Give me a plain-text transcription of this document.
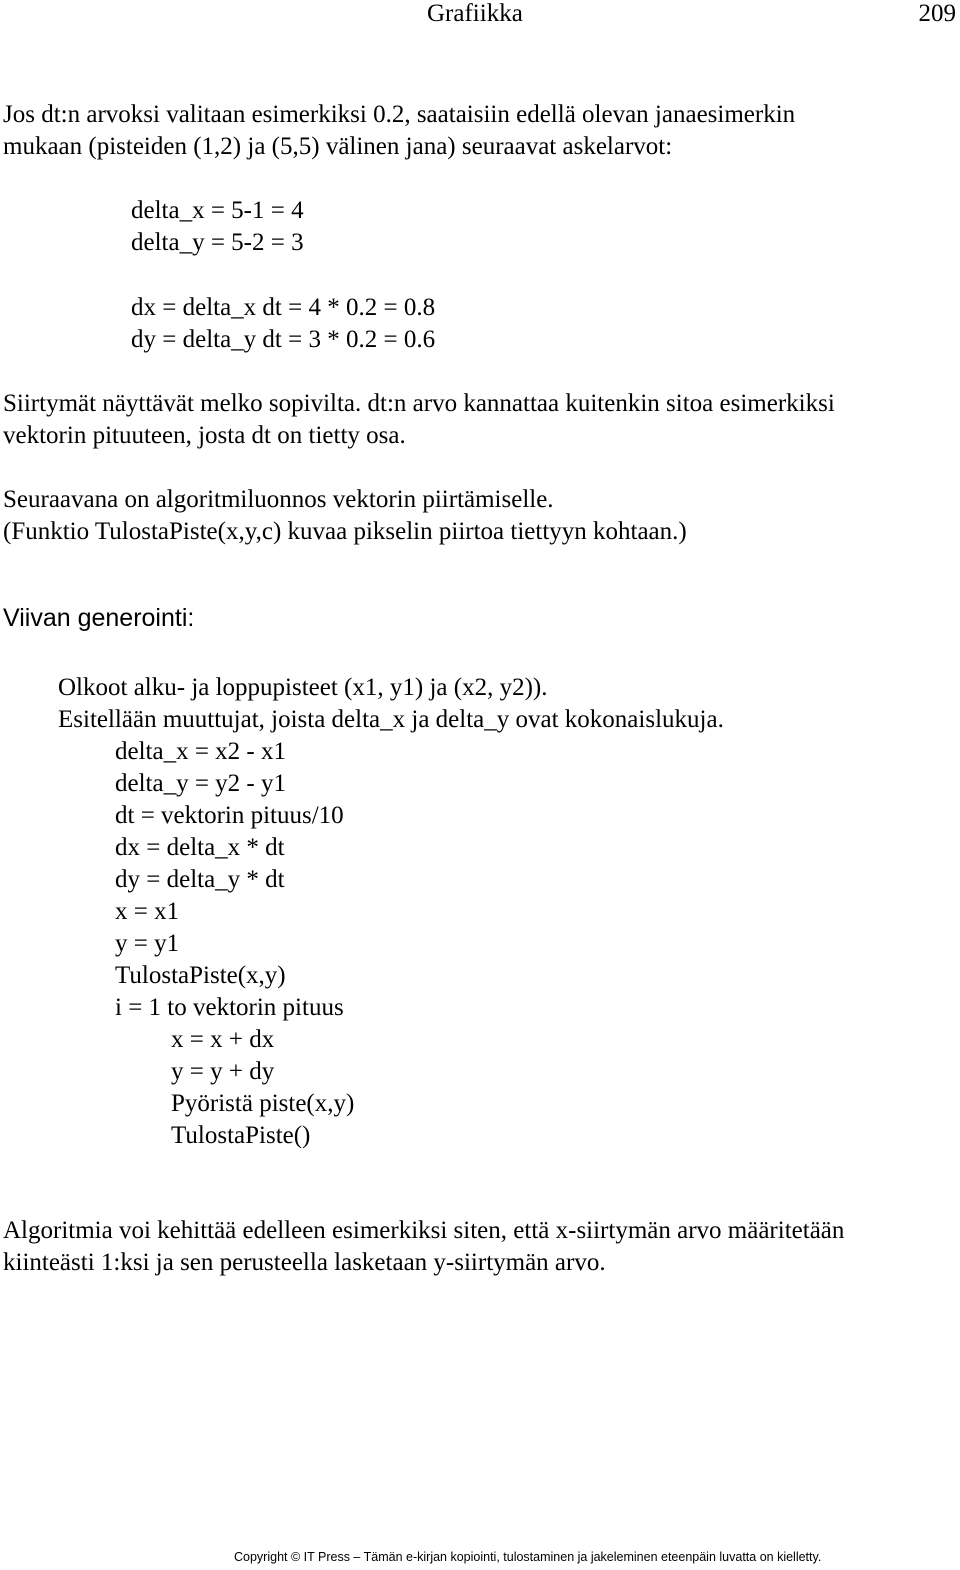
Grafiikka	209
Jos dt:n arvoksi valitaan esimerkiksi 0.2, saataisiin edellä olevan janaesimerkin
mukaan (pisteiden (1,2) ja (5,5) välinen jana) seuraavat askelarvot:
delta_x = 5-1 = 4
delta_y = 5-2 = 3
dx = delta_x dt = 4 * 0.2 = 0.8
dy = delta_y dt = 3 * 0.2 = 0.6
Siirtymät näyttävät melko sopivilta. dt:n arvo kannattaa kuitenkin sitoa esimerkiksi
vektorin pituuteen, josta dt on tietty osa.
Seuraavana on algoritmiluonnos vektorin piirtämiselle.
(Funktio TulostaPiste(x,y,c) kuvaa pikselin piirtoa tiettyyn kohtaan.)
Viivan generointi:
Olkoot alku- ja loppupisteet (x1, y1) ja (x2, y2)).
Esitellään muuttujat, joista delta_x ja delta_y ovat kokonaislukuja.
delta_x = x2 - x1
delta_y = y2 - y1
dt = vektorin pituus/10
dx = delta_x * dt
dy = delta_y * dt
x = x1
y = y1
TulostaPiste(x,y)
i = 1 to vektorin pituus
x = x + dx
y = y + dy
Pyöristä piste(x,y)
TulostaPiste()
Algoritmia voi kehittää edelleen esimerkiksi siten, että x-siirtymän arvo määritetään
kiinteästi 1:ksi ja sen perusteella lasketaan y-siirtymän arvo.
Copyright © IT Press – Tämän e-kirjan kopiointi, tulostaminen ja jakeleminen eteenpäin luvatta on kielletty.
